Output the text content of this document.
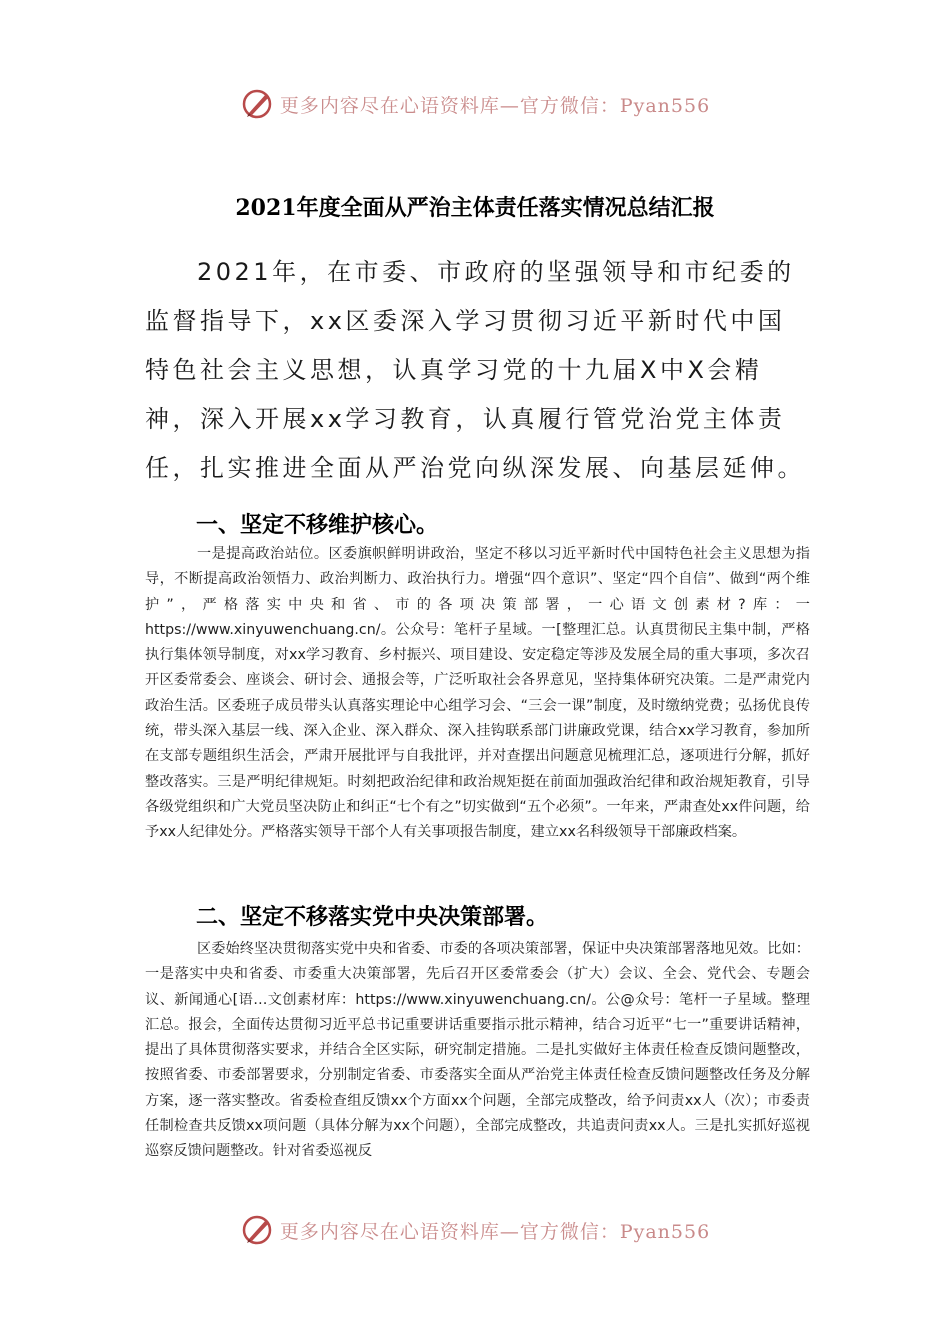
更多内容尽在心语资料库—官方微信：Pyan556
2021年度全面从严治主体责任落实情况总结汇报

2021年，在市委、市政府的坚强领导和市纪委的监督指导下，xx区委深入学习贯彻习近平新时代中国特色社会主义思想，认真学习党的十九届X中X会精神，深入开展xx学习教育，认真履行管党治党主体责任，扎实推进全面从严治党向纵深发展、向基层延伸。

一、坚定不移维护核心。

一是提高政治站位。区委旗帜鲜明讲政治，坚定不移以习近平新时代中国特色社会主义思想为指导，不断提高政治领悟力、政治判断力、政治执行力。增强“四个意识”、坚定“四个自信”、做到“两个维护”，严格落实中央和省、市的各项决策部署，一心语文创素材?库：一https://www.xinyuwenchuang.cn/。公众号：笔杆子星域。一[整理汇总。认真贯彻民主集中制，严格执行集体领导制度，对xx学习教育、乡村振兴、项目建设、安定稳定等涉及发展全局的重大事项，多次召开区委常委会、座谈会、研讨会、通报会等，广泛听取社会各界意见，坚持集体研究决策。二是严肃党内政治生活。区委班子成员带头认真落实理论中心组学习会、“三会一课”制度，及时缴纳党费；弘扬优良传统，带头深入基层一线、深入企业、深入群众、深入挂钩联系部门讲廉政党课，结合xx学习教育，参加所在支部专题组织生活会，严肃开展批评与自我批评，并对查摆出问题意见梳理汇总，逐项进行分解，抓好整改落实。三是严明纪律规矩。时刻把政治纪律和政治规矩挺在前面加强政治纪律和政治规矩教育，引导各级党组织和广大党员坚决防止和纠正“七个有之”切实做到“五个必须”。一年来，严肃查处xx件问题，给予xx人纪律处分。严格落实领导干部个人有关事项报告制度，建立xx名科级领导干部廉政档案。

二、坚定不移落实党中央决策部署。

区委始终坚决贯彻落实党中央和省委、市委的各项决策部署，保证中央决策部署落地见效。比如：一是落实中央和省委、市委重大决策部署，先后召开区委常委会（扩大）会议、全会、党代会、专题会议、新闻通心[语…文创素材库：https://www.xinyuwenchuang.cn/。公@众号：笔杆一子星域。整理汇总。报会，全面传达贯彻习近平总书记重要讲话重要指示批示精神，结合习近平“七一”重要讲话精神，提出了具体贯彻落实要求，并结合全区实际，研究制定措施。二是扎实做好主体责任检查反馈问题整改，按照省委、市委部署要求，分别制定省委、市委落实全面从严治党主体责任检查反馈问题整改任务及分解方案，逐一落实整改。省委检查组反馈xx个方面xx个问题，全部完成整改，给予问责xx人（次）；市委责任制检查共反馈xx项问题（具体分解为xx个问题），全部完成整改，共追责问责xx人。三是扎实抓好巡视巡察反馈问题整改。针对省委巡视反

更多内容尽在心语资料库—官方微信：Pyan556
